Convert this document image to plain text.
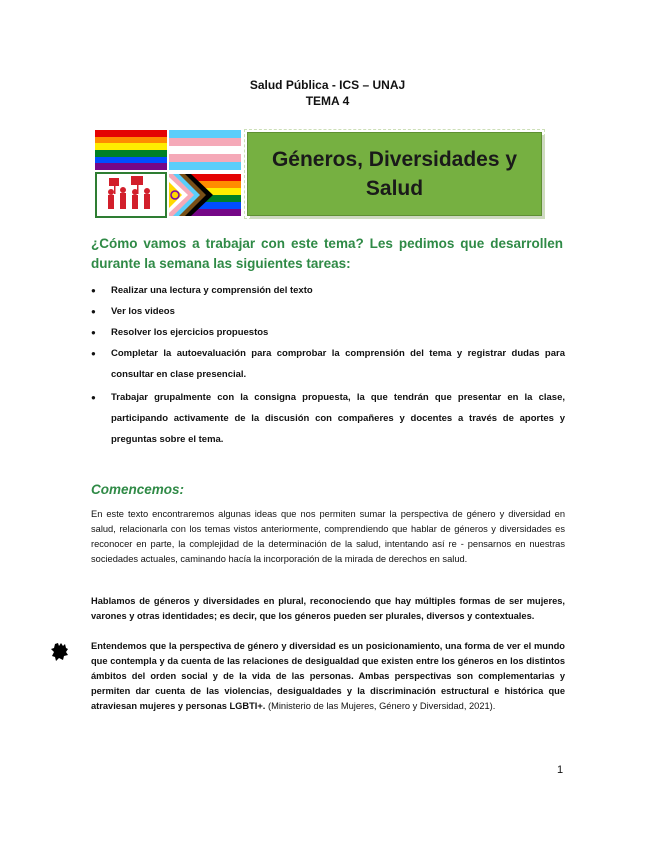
Salud Pública - ICS – UNAJ
TEMA 4
Géneros, Diversidades y
Salud
¿Cómo vamos a trabajar con este tema? Les pedimos que desarrollen durante la semana las siguientes tareas:
● Realizar una lectura y comprensión del texto
● Ver los videos
● Resolver los ejercicios propuestos
● Completar la autoevaluación para comprobar la comprensión del tema y registrar dudas para consultar en clase presencial.
● Trabajar grupalmente con la consigna propuesta, la que tendrán que presentar en la clase, participando activamente de la discusión con compañeres y docentes a través de aportes y preguntas sobre el tema.
Comencemos:

En este texto encontraremos algunas ideas que nos permiten sumar la perspectiva de género y diversidad en salud, relacionarla con los temas vistos anteriormente, comprendiendo que hablar de géneros y diversidades es reconocer en parte, la complejidad de la determinación de la salud, intentando así re - pensarnos en nuestras sociedades actuales, caminando hacía la incorporación de la mirada de derechos en salud.

Hablamos de géneros y diversidades en plural, reconociendo que hay múltiples formas de ser mujeres, varones y otras identidades; es decir, que los géneros pueden ser plurales, diversos y contextuales.

Entendemos que la perspectiva de género y diversidad es un posicionamiento, una forma de ver el mundo que contempla y da cuenta de las relaciones de desigualdad que existen entre los géneros en los distintos ámbitos del orden social y de la vida de las personas. Ambas perspectivas son complementarias y permiten dar cuenta de las violencias, desigualdades y la discriminación estructural e histórica que atraviesan mujeres y personas LGBTI+. (Ministerio de las Mujeres, Género y Diversidad, 2021).

1
